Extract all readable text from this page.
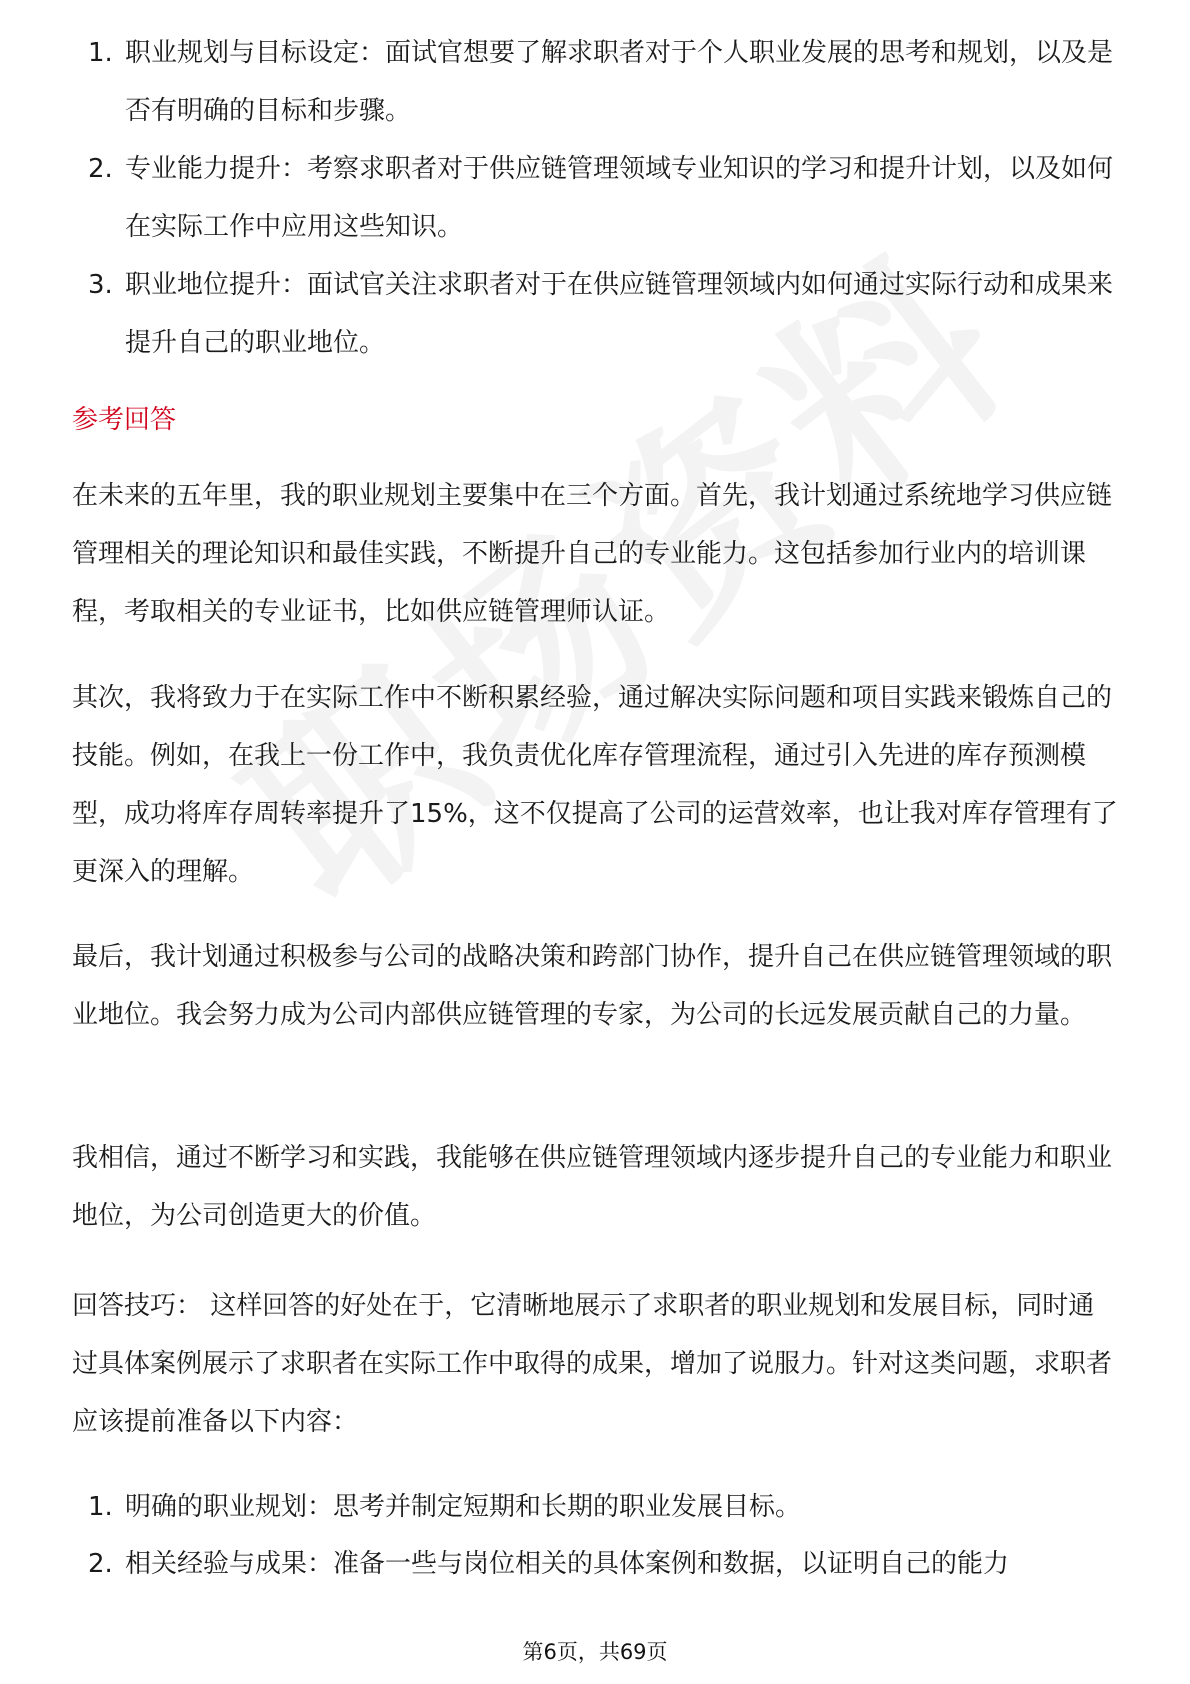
1. 职业规划与目标设定：面试官想要了解求职者对于个人职业发展的思考和规划，以及是否有明确的目标和步骤。
2. 专业能力提升：考察求职者对于供应链管理领域专业知识的学习和提升计划，以及如何在实际工作中应用这些知识。
3. 职业地位提升：面试官关注求职者对于在供应链管理领域内如何通过实际行动和成果来提升自己的职业地位。
参考回答

在未来的五年里，我的职业规划主要集中在三个方面。首先，我计划通过系统地学习供应链管理相关的理论知识和最佳实践，不断提升自己的专业能力。这包括参加行业内的培训课程，考取相关的专业证书，比如供应链管理师认证。

其次，我将致力于在实际工作中不断积累经验，通过解决实际问题和项目实践来锻炼自己的技能。例如，在我上一份工作中，我负责优化库存管理流程，通过引入先进的库存预测模型，成功将库存周转率提升了15%，这不仅提高了公司的运营效率，也让我对库存管理有了更深入的理解。

最后，我计划通过积极参与公司的战略决策和跨部门协作，提升自己在供应链管理领域的职业地位。我会努力成为公司内部供应链管理的专家，为公司的长远发展贡献自己的力量。

我相信，通过不断学习和实践，我能够在供应链管理领域内逐步提升自己的专业能力和职业地位，为公司创造更大的价值。

回答技巧： 这样回答的好处在于，它清晰地展示了求职者的职业规划和发展目标，同时通过具体案例展示了求职者在实际工作中取得的成果，增加了说服力。针对这类问题，求职者应该提前准备以下内容：

1. 明确的职业规划：思考并制定短期和长期的职业发展目标。
2. 相关经验与成果：准备一些与岗位相关的具体案例和数据，以证明自己的能力
第6页，共69页
